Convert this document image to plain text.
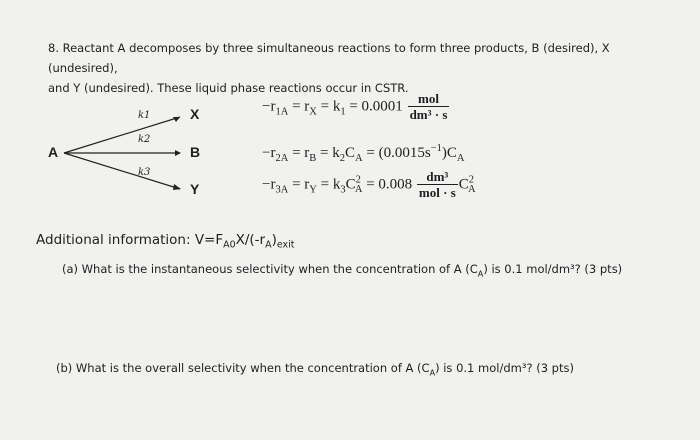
8. Reactant A decomposes by three simultaneous reactions to form three products, B (desired), X (undesired),
and Y (undesired). These liquid phase reactions occur in CSTR.
A
X
B
Y
k1
k2
k3
$-r_{1A} = r_X = k_1 = 0.0001 \frac{\text{mol}}{\text{dm³ · s}}$
$-r_{2A} = r_B = k_2C_A = (0.0015s^{-1})C_A$
$-r_{3A} = r_Y = k_3C^2_A = 0.008 \frac{\text{dm³}}{\text{mol · s}} C^2_A$
Additional information: $V=F_{A0}X/(-r_A)_{exit}$
(a) What is the instantaneous selectivity when the concentration of A $(C_A)$ is 0.1 mol/dm³? (3 pts)
(b) What is the overall selectivity when the concentration of A $(C_A)$ is 0.1 mol/dm³? (3 pts)
